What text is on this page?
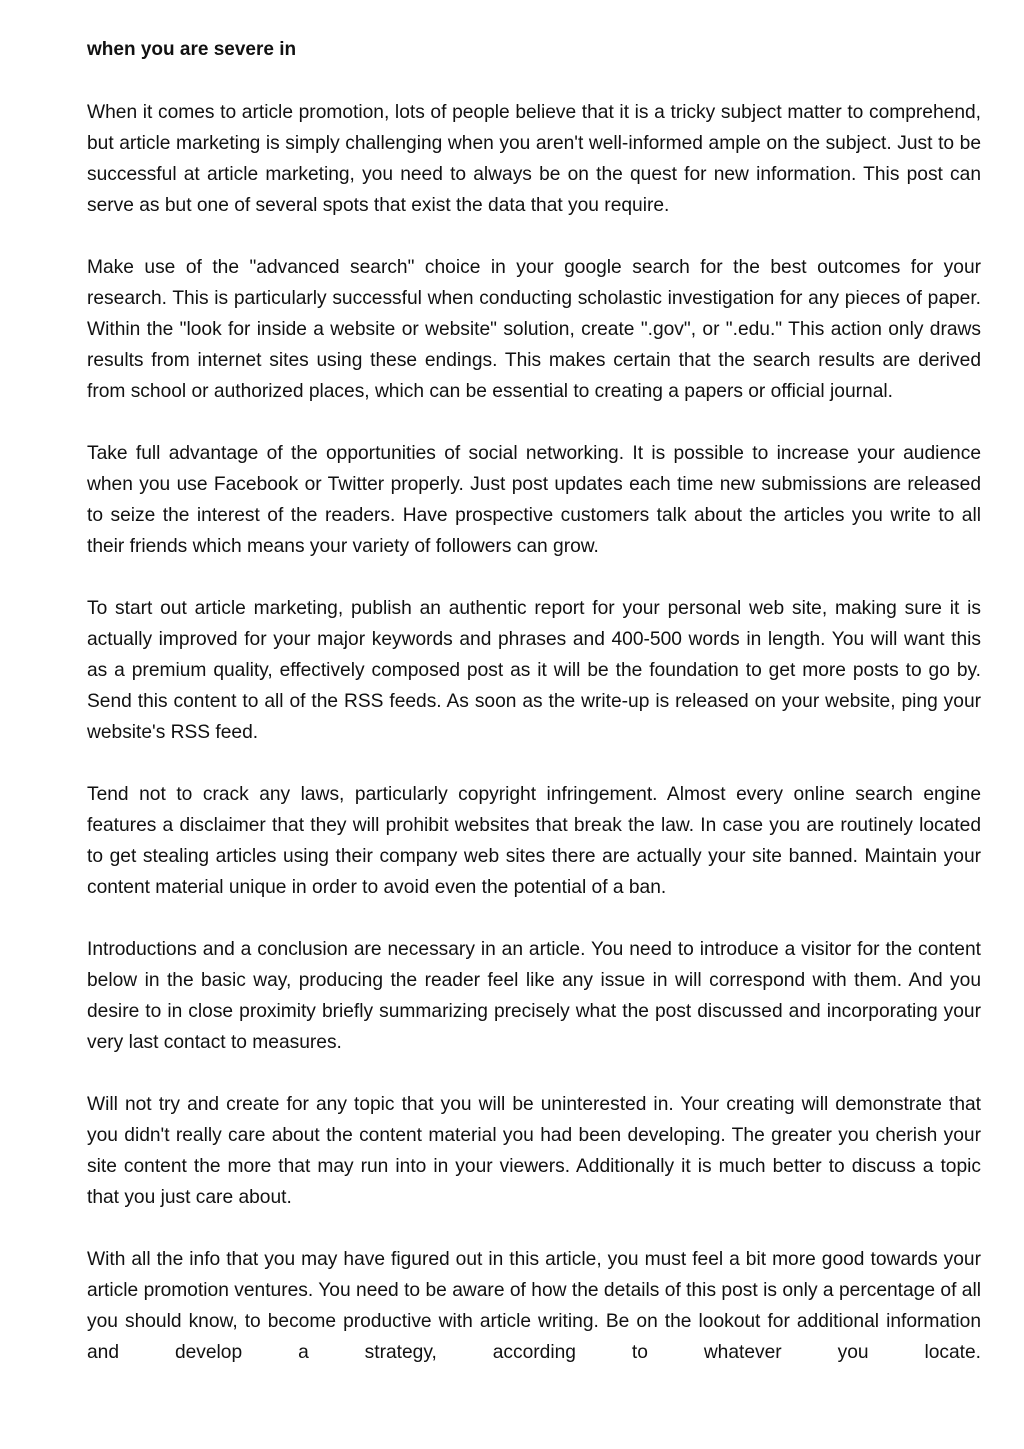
when you are severe in

When it comes to article promotion, lots of people believe that it is a tricky subject matter to comprehend, but article marketing is simply challenging when you aren't well-informed ample on the subject. Just to be successful at article marketing, you need to always be on the quest for new information. This post can serve as but one of several spots that exist the data that you require.

Make use of the "advanced search" choice in your google search for the best outcomes for your research. This is particularly successful when conducting scholastic investigation for any pieces of paper. Within the "look for inside a website or website" solution, create ".gov", or ".edu." This action only draws results from internet sites using these endings. This makes certain that the search results are derived from school or authorized places, which can be essential to creating a papers or official journal.

Take full advantage of the opportunities of social networking. It is possible to increase your audience when you use Facebook or Twitter properly. Just post updates each time new submissions are released to seize the interest of the readers. Have prospective customers talk about the articles you write to all their friends which means your variety of followers can grow.

To start out article marketing, publish an authentic report for your personal web site, making sure it is actually improved for your major keywords and phrases and 400-500 words in length. You will want this as a premium quality, effectively composed post as it will be the foundation to get more posts to go by. Send this content to all of the RSS feeds. As soon as the write-up is released on your website, ping your website's RSS feed.

Tend not to crack any laws, particularly copyright infringement. Almost every online search engine features a disclaimer that they will prohibit websites that break the law. In case you are routinely located to get stealing articles using their company web sites there are actually your site banned. Maintain your content material unique in order to avoid even the potential of a ban.

Introductions and a conclusion are necessary in an article. You need to introduce a visitor for the content below in the basic way, producing the reader feel like any issue in will correspond with them. And you desire to in close proximity briefly summarizing precisely what the post discussed and incorporating your very last contact to measures.

Will not try and create for any topic that you will be uninterested in. Your creating will demonstrate that you didn't really care about the content material you had been developing. The greater you cherish your site content the more that may run into in your viewers. Additionally it is much better to discuss a topic that you just care about.

With all the info that you may have figured out in this article, you must feel a bit more good towards your article promotion ventures. You need to be aware of how the details of this post is only a percentage of all you should know, to become productive with article writing. Be on the lookout for additional information and develop a strategy, according to whatever you locate.
